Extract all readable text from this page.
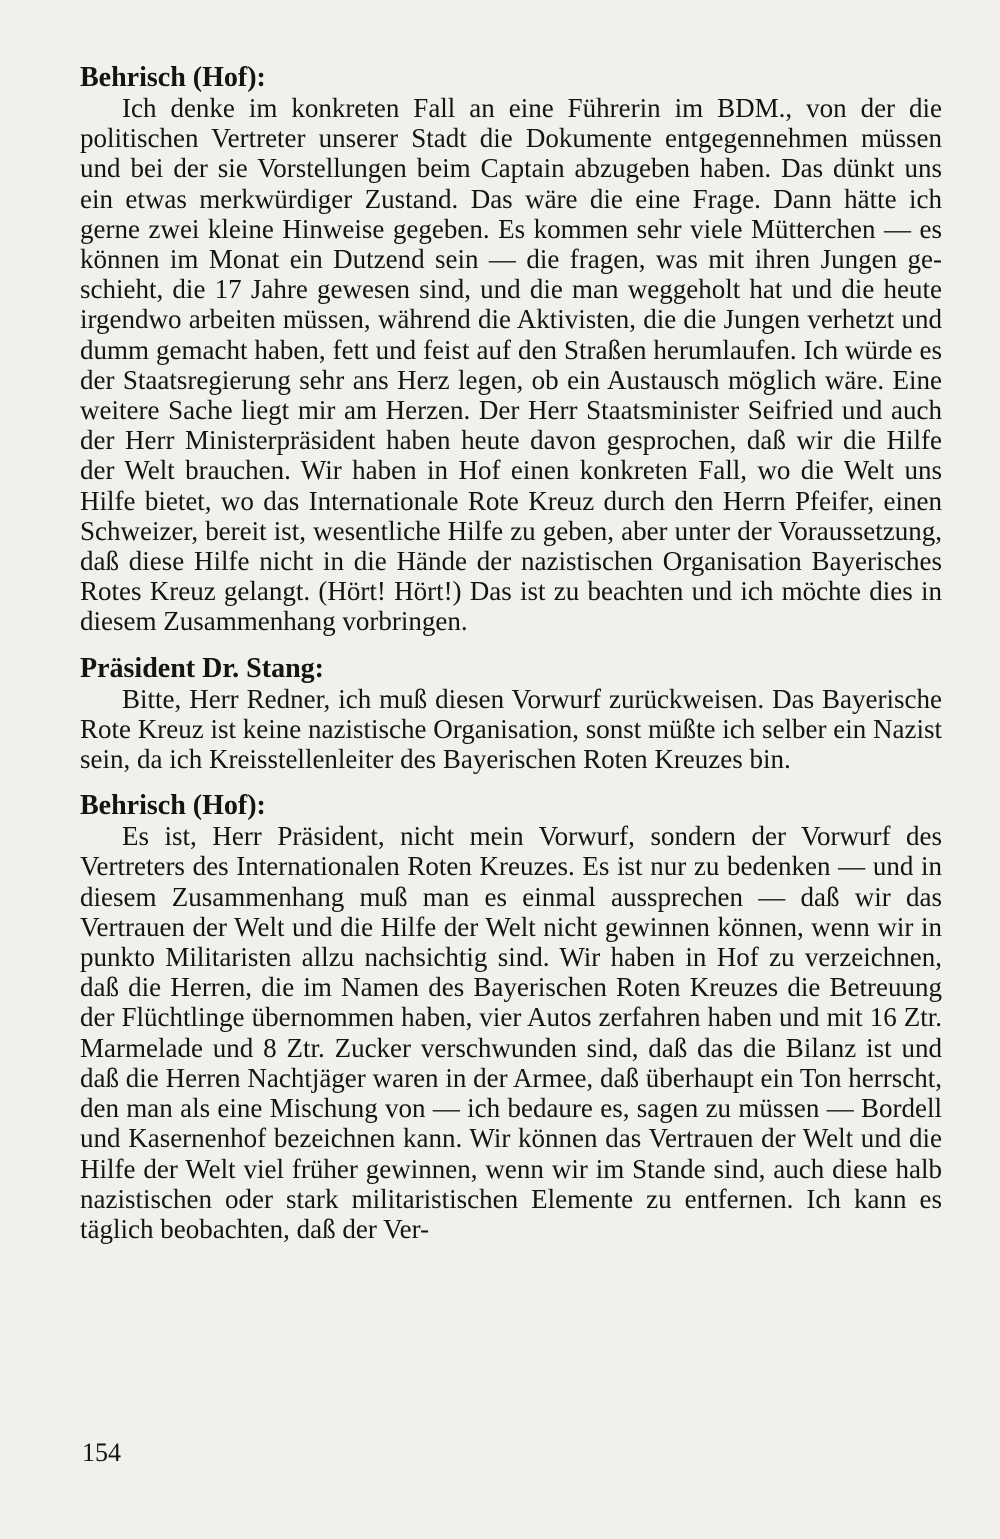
Behrisch (Hof):

Ich denke im konkreten Fall an eine Führerin im BDM., von der die politischen Vertreter unserer Stadt die Dokumente entgegennehmen müssen und bei der sie Vorstellungen beim Captain abzugeben haben. Das dünkt uns ein etwas merkwürdiger Zustand. Das wäre die eine Frage. Dann hätte ich gerne zwei kleine Hinweise gegeben. Es kommen sehr viele Mütterchen — es können im Monat ein Dutzend sein — die fragen, was mit ihren Jungen geschieht, die 17 Jahre gewesen sind, und die man weggeholt hat und die heute irgendwo arbeiten müssen, während die Aktivisten, die die Jungen verhetzt und dumm gemacht haben, fett und feist auf den Straßen herumlaufen. Ich würde es der Staatsregierung sehr ans Herz legen, ob ein Austausch möglich wäre. Eine weitere Sache liegt mir am Herzen. Der Herr Staatsminister Seifried und auch der Herr Ministerpräsident haben heute davon gesprochen, daß wir die Hilfe der Welt brauchen. Wir haben in Hof einen konkreten Fall, wo die Welt uns Hilfe bietet, wo das Internationale Rote Kreuz durch den Herrn Pfeifer, einen Schweizer, bereit ist, wesentliche Hilfe zu geben, aber unter der Voraussetzung, daß diese Hilfe nicht in die Hände der nazistischen Organisation Bayerisches Rotes Kreuz gelangt. (Hört! Hört!) Das ist zu beachten und ich möchte dies in diesem Zusammenhang vorbringen.

Präsident Dr. Stang:

Bitte, Herr Redner, ich muß diesen Vorwurf zurückweisen. Das Bayerische Rote Kreuz ist keine nazistische Organisation, sonst müßte ich selber ein Nazist sein, da ich Kreisstellenleiter des Bayerischen Roten Kreuzes bin.

Behrisch (Hof):

Es ist, Herr Präsident, nicht mein Vorwurf, sondern der Vorwurf des Vertreters des Internationalen Roten Kreuzes. Es ist nur zu bedenken — und in diesem Zusammenhang muß man es einmal aussprechen — daß wir das Vertrauen der Welt und die Hilfe der Welt nicht gewinnen können, wenn wir in punkto Militaristen allzu nachsichtig sind. Wir haben in Hof zu verzeichnen, daß die Herren, die im Namen des Bayerischen Roten Kreuzes die Betreuung der Flüchtlinge übernommen haben, vier Autos zerfahren haben und mit 16 Ztr. Marmelade und 8 Ztr. Zucker verschwunden sind, daß das die Bilanz ist und daß die Herren Nachtjäger waren in der Armee, daß überhaupt ein Ton herrscht, den man als eine Mischung von — ich bedaure es, sagen zu müssen — Bordell und Kasernenhof bezeichnen kann. Wir können das Vertrauen der Welt und die Hilfe der Welt viel früher gewinnen, wenn wir im Stande sind, auch diese halb nazistischen oder stark militaristischen Elemente zu entfernen. Ich kann es täglich beobachten, daß der Ver-

154
